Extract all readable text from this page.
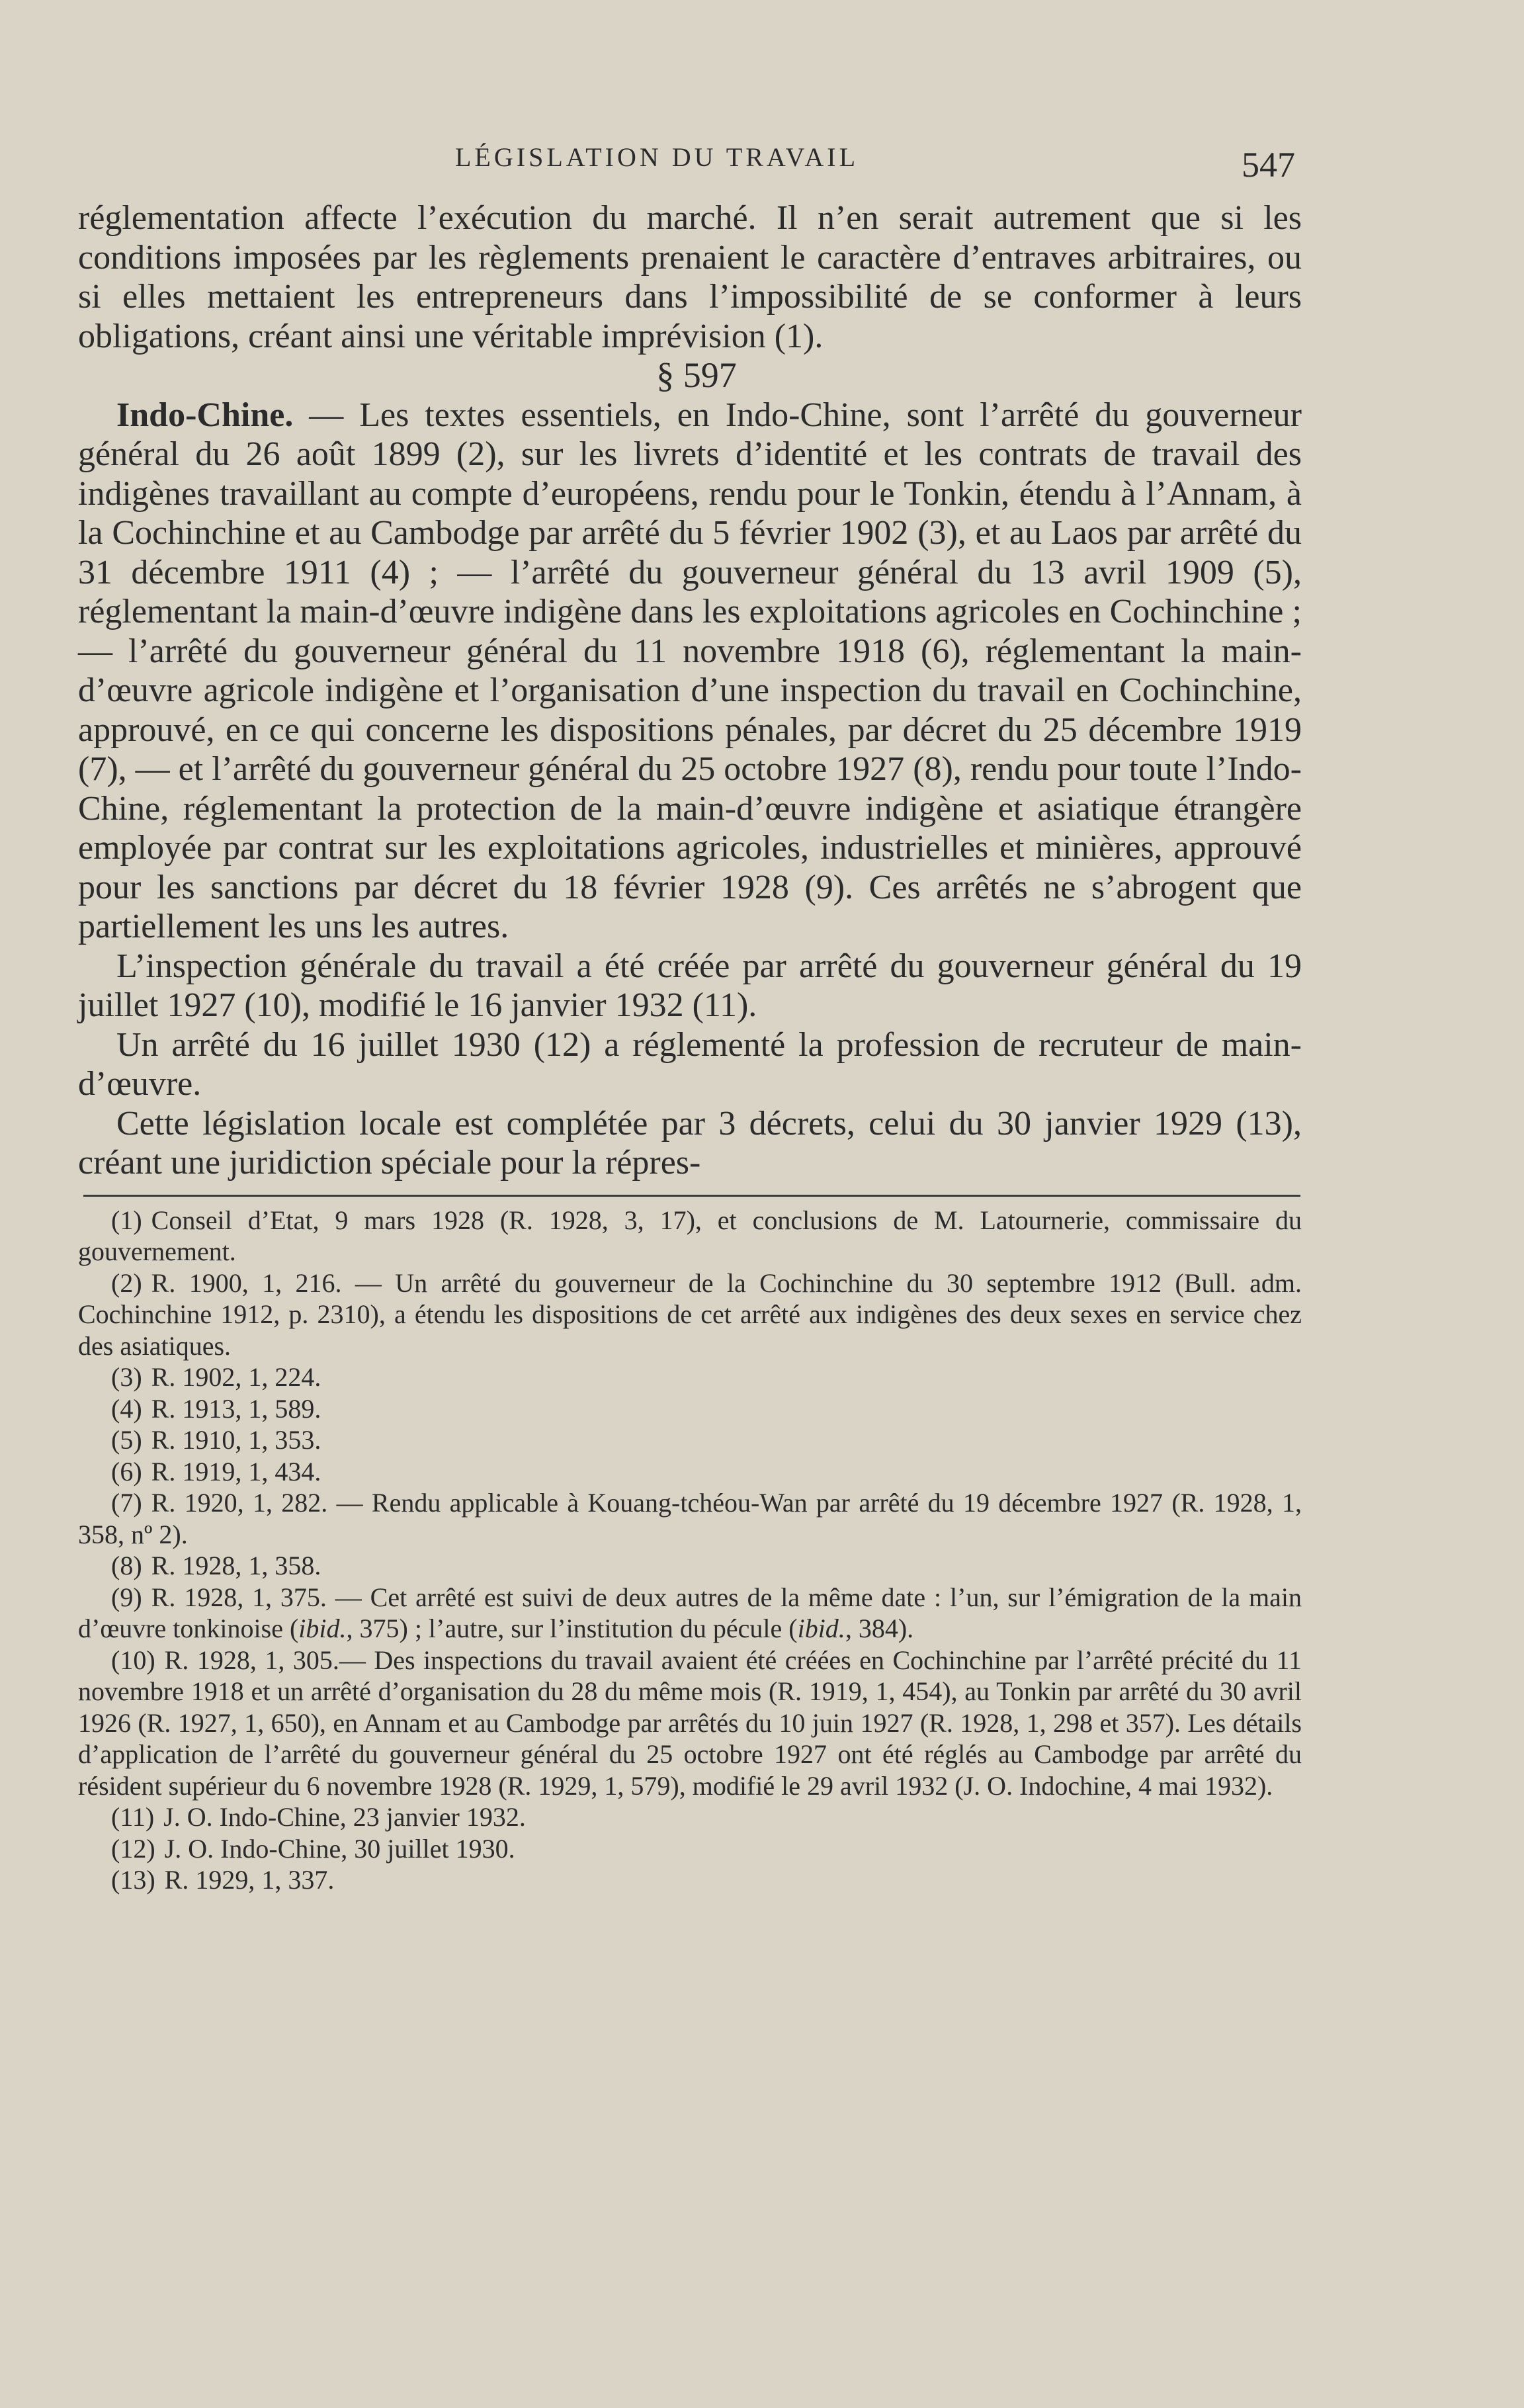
LÉGISLATION DU TRAVAIL	547

réglementation affecte l’exécution du marché. Il n’en serait autrement que si les conditions imposées par les règlements prenaient le caractère d’entraves arbitraires, ou si elles mettaient les entrepreneurs dans l’impossibilité de se conformer à leurs obligations, créant ainsi une véritable imprévision (1).

§ 597

Indo-Chine. — Les textes essentiels, en Indo-Chine, sont l’arrêté du gouverneur général du 26 août 1899 (2), sur les livrets d’identité et les contrats de travail des indigènes travaillant au compte d’européens, rendu pour le Tonkin, étendu à l’Annam, à la Cochinchine et au Cambodge par arrêté du 5 février 1902 (3), et au Laos par arrêté du 31 décembre 1911 (4) ; — l’arrêté du gouverneur général du 13 avril 1909 (5), réglementant la main-d’œuvre indigène dans les exploitations agricoles en Cochinchine ; — l’arrêté du gouverneur général du 11 novembre 1918 (6), réglementant la main-d’œuvre agricole indigène et l’organisation d’une inspection du travail en Cochinchine, approuvé, en ce qui concerne les dispositions pénales, par décret du 25 décembre 1919 (7), — et l’arrêté du gouverneur général du 25 octobre 1927 (8), rendu pour toute l’Indo-Chine, réglementant la protection de la main-d’œuvre indigène et asiatique étrangère employée par contrat sur les exploitations agricoles, industrielles et minières, approuvé pour les sanctions par décret du 18 février 1928 (9). Ces arrêtés ne s’abrogent que partiellement les uns les autres.

L’inspection générale du travail a été créée par arrêté du gouverneur général du 19 juillet 1927 (10), modifié le 16 janvier 1932 (11).

Un arrêté du 16 juillet 1930 (12) a réglementé la profession de recruteur de main-d’œuvre.

Cette législation locale est complétée par 3 décrets, celui du 30 janvier 1929 (13), créant une juridiction spéciale pour la répres-

(1) Conseil d’Etat, 9 mars 1928 (R. 1928, 3, 17), et conclusions de M. Latournerie, commissaire du gouvernement.

(2) R. 1900, 1, 216. — Un arrêté du gouverneur de la Cochinchine du 30 septembre 1912 (Bull. adm. Cochinchine 1912, p. 2310), a étendu les dispositions de cet arrêté aux indigènes des deux sexes en service chez des asiatiques.

(3) R. 1902, 1, 224.

(4) R. 1913, 1, 589.

(5) R. 1910, 1, 353.

(6) R. 1919, 1, 434.

(7) R. 1920, 1, 282. — Rendu applicable à Kouang-tchéou-Wan par arrêté du 19 décembre 1927 (R. 1928, 1, 358, nº 2).

(8) R. 1928, 1, 358.

(9) R. 1928, 1, 375. — Cet arrêté est suivi de deux autres de la même date : l’un, sur l’émigration de la main d’œuvre tonkinoise (ibid., 375) ; l’autre, sur l’institution du pécule (ibid., 384).

(10) R. 1928, 1, 305.— Des inspections du travail avaient été créées en Cochinchine par l’arrêté précité du 11 novembre 1918 et un arrêté d’organisation du 28 du même mois (R. 1919, 1, 454), au Tonkin par arrêté du 30 avril 1926 (R. 1927, 1, 650), en Annam et au Cambodge par arrêtés du 10 juin 1927 (R. 1928, 1, 298 et 357). Les détails d’application de l’arrêté du gouverneur général du 25 octobre 1927 ont été réglés au Cambodge par arrêté du résident supérieur du 6 novembre 1928 (R. 1929, 1, 579), modifié le 29 avril 1932 (J. O. Indochine, 4 mai 1932).

(11) J. O. Indo-Chine, 23 janvier 1932.

(12) J. O. Indo-Chine, 30 juillet 1930.

(13) R. 1929, 1, 337.
